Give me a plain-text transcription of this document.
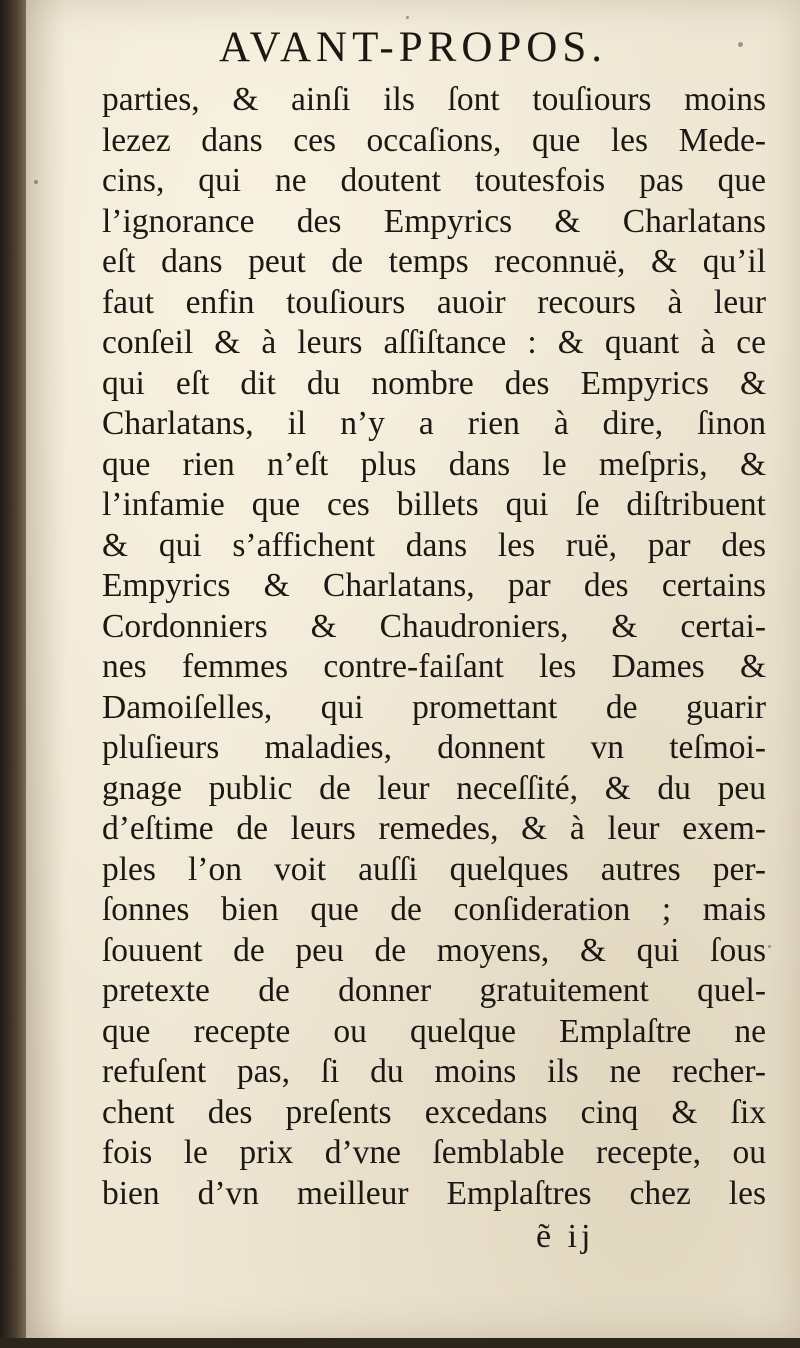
AVANT-PROPOS.
parties, & ainſi ils ſont touſiours moins
lezez dans ces occaſions, que les Mede-
cins, qui ne doutent toutesfois pas que
l’ignorance des Empyrics & Charlatans
eſt dans peut de temps reconnuë, & qu’il
faut enfin touſiours auoir recours à leur
conſeil & à leurs aſſiſtance : & quant à ce
qui eſt dit du nombre des Empyrics &
Charlatans, il n’y a rien à dire, ſinon
que rien n’eſt plus dans le meſpris, &
l’infamie que ces billets qui ſe diſtribuent
& qui s’affichent dans les ruë, par des
Empyrics & Charlatans, par des certains
Cordonniers & Chaudroniers, & certai-
nes femmes contre-faiſant les Dames &
Damoiſelles, qui promettant de guarir
pluſieurs maladies, donnent vn teſmoi-
gnage public de leur neceſſité, & du peu
d’eſtime de leurs remedes, & à leur exem-
ples l’on voit auſſi quelques autres per-
ſonnes bien que de conſideration ; mais
ſouuent de peu de moyens, & qui ſous
pretexte de donner gratuitement quel-
que recepte ou quelque Emplaſtre ne
refuſent pas, ſi du moins ils ne recher-
chent des preſents excedans cinq & ſix
fois le prix d’vne ſemblable recepte, ou
bien d’vn meilleur Emplaſtres chez les
ẽ ij
